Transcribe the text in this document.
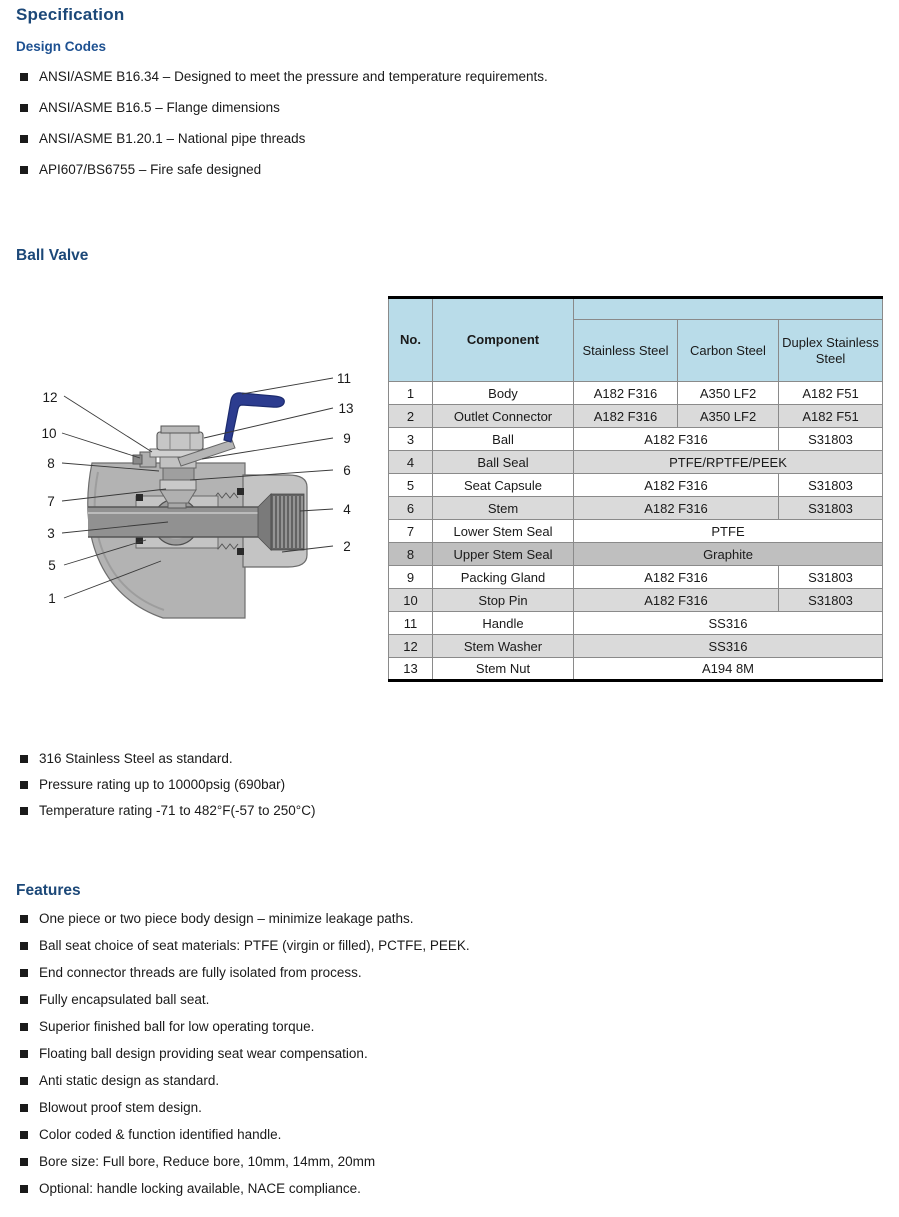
Specification
Design Codes
ANSI/ASME B16.34 – Designed to meet the pressure and temperature requirements.
ANSI/ASME B16.5 – Flange dimensions
ANSI/ASME B1.20.1 – National pipe threads
API607/BS6755 – Fire safe designed
Ball Valve
12
10
8
7
3
5
1
11
13
9
6
4
2
No.	Component			
		Stainless Steel	Carbon Steel	Duplex Stainless Steel
1	Body	A182 F316	A350 LF2	A182 F51
2	Outlet Connector	A182 F316	A350 LF2	A182 F51
3	Ball	A182 F316		S31803
4	Ball Seal	PTFE/RPTFE/PEEK		
5	Seat Capsule	A182 F316		S31803
6	Stem	A182 F316		S31803
7	Lower Stem Seal	PTFE		
8	Upper Stem Seal	Graphite		
9	Packing Gland	A182 F316		S31803
10	Stop Pin	A182 F316		S31803
11	Handle	SS316		
12	Stem Washer	SS316		
13	Stem Nut	A194 8M		
316 Stainless Steel as standard.
Pressure rating up to 10000psig (690bar)
Temperature rating -71 to 482°F(-57 to 250°C)
Features
One piece or two piece body design – minimize leakage paths.
Ball seat choice of seat materials: PTFE (virgin or filled), PCTFE, PEEK.
End connector threads are fully isolated from process.
Fully encapsulated ball seat.
Superior finished ball for low operating torque.
Floating ball design providing seat wear compensation.
Anti static design as standard.
Blowout proof stem design.
Color coded & function identified handle.
Bore size: Full bore, Reduce bore, 10mm, 14mm, 20mm
Optional: handle locking available, NACE compliance.
